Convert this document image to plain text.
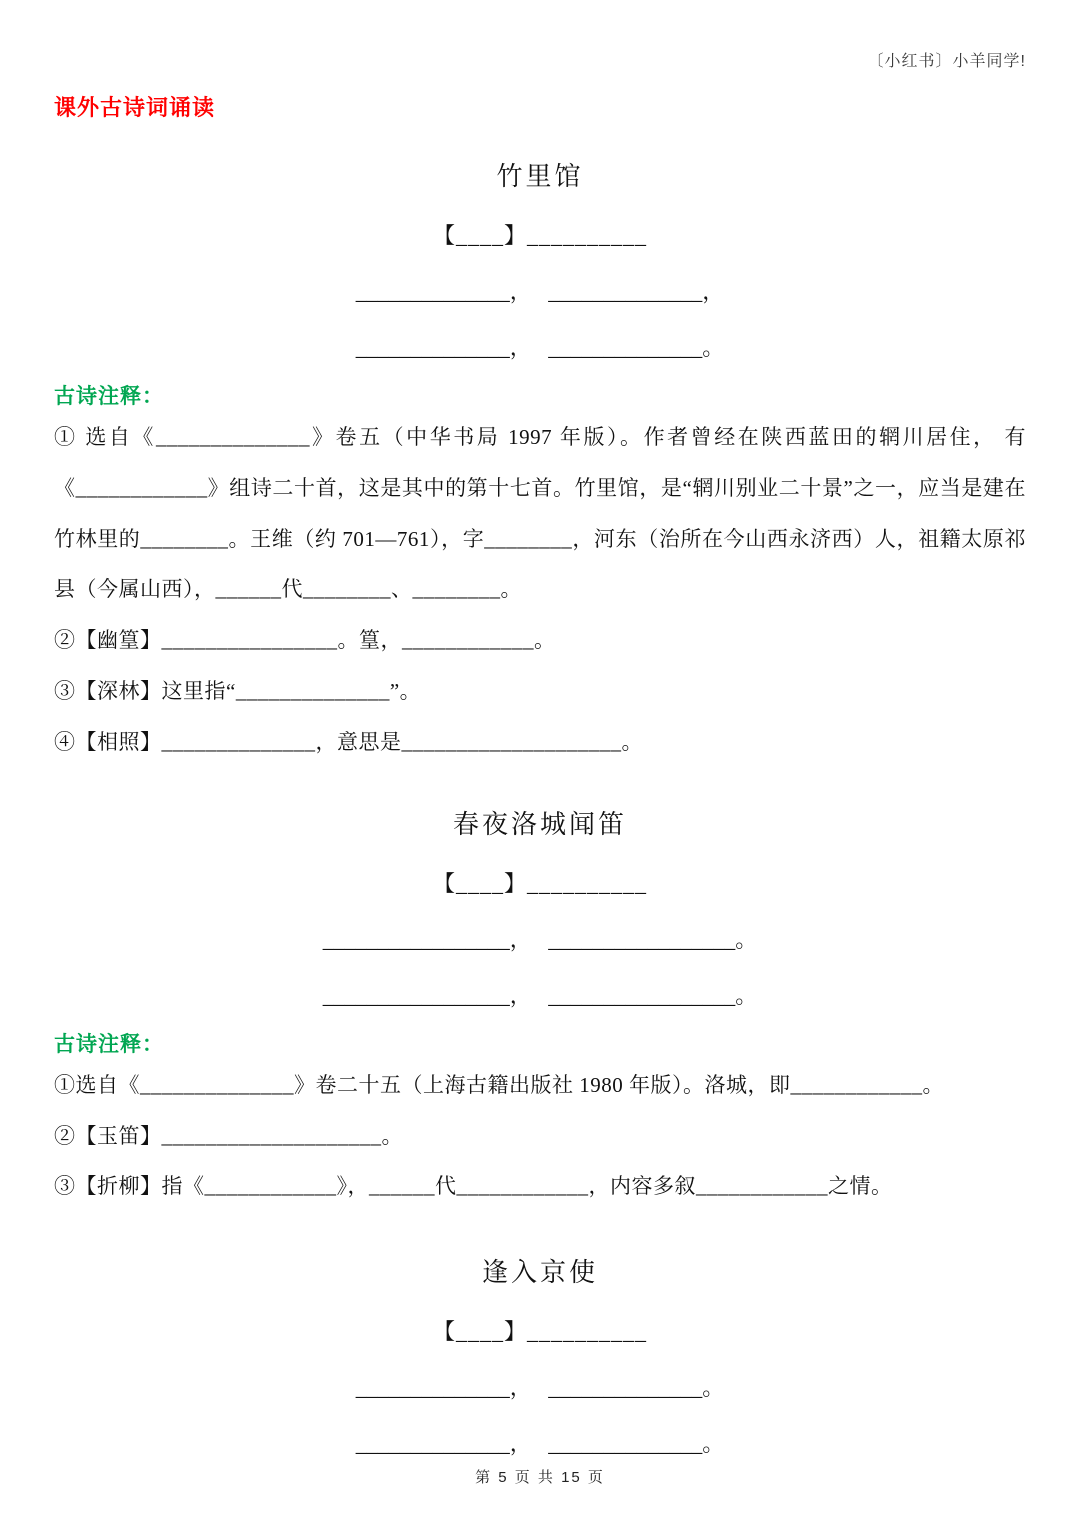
〔小红书〕小羊同学!
课外古诗词诵读
竹里馆
【____】__________
______________，   ______________，
______________，   ______________。
古诗注释：

① 选自《______________》卷五（中华书局 1997 年版）。作者曾经在陕西蓝田的辋川居住， 有《____________》组诗二十首，这是其中的第十七首。竹里馆，是“辋川别业二十景”之一，应当是建在竹林里的________。王维（约 701—761），字________，河东（治所在今山西永济西）人，祖籍太原祁县（今属山西），______代________、________。

②【幽篁】________________。篁，____________。

③【深林】这里指“______________”。

④【相照】______________，意思是____________________。

春夜洛城闻笛
【____】__________
_________________，   _________________。
_________________，   _________________。
古诗注释：

①选自《______________》卷二十五（上海古籍出版社 1980 年版）。洛城，即____________。

②【玉笛】____________________。

③【折柳】指《____________》，______代____________，内容多叙____________之情。

逢入京使
【____】__________
______________，   ______________。
______________，   ______________。
第 5 页 共 15 页
